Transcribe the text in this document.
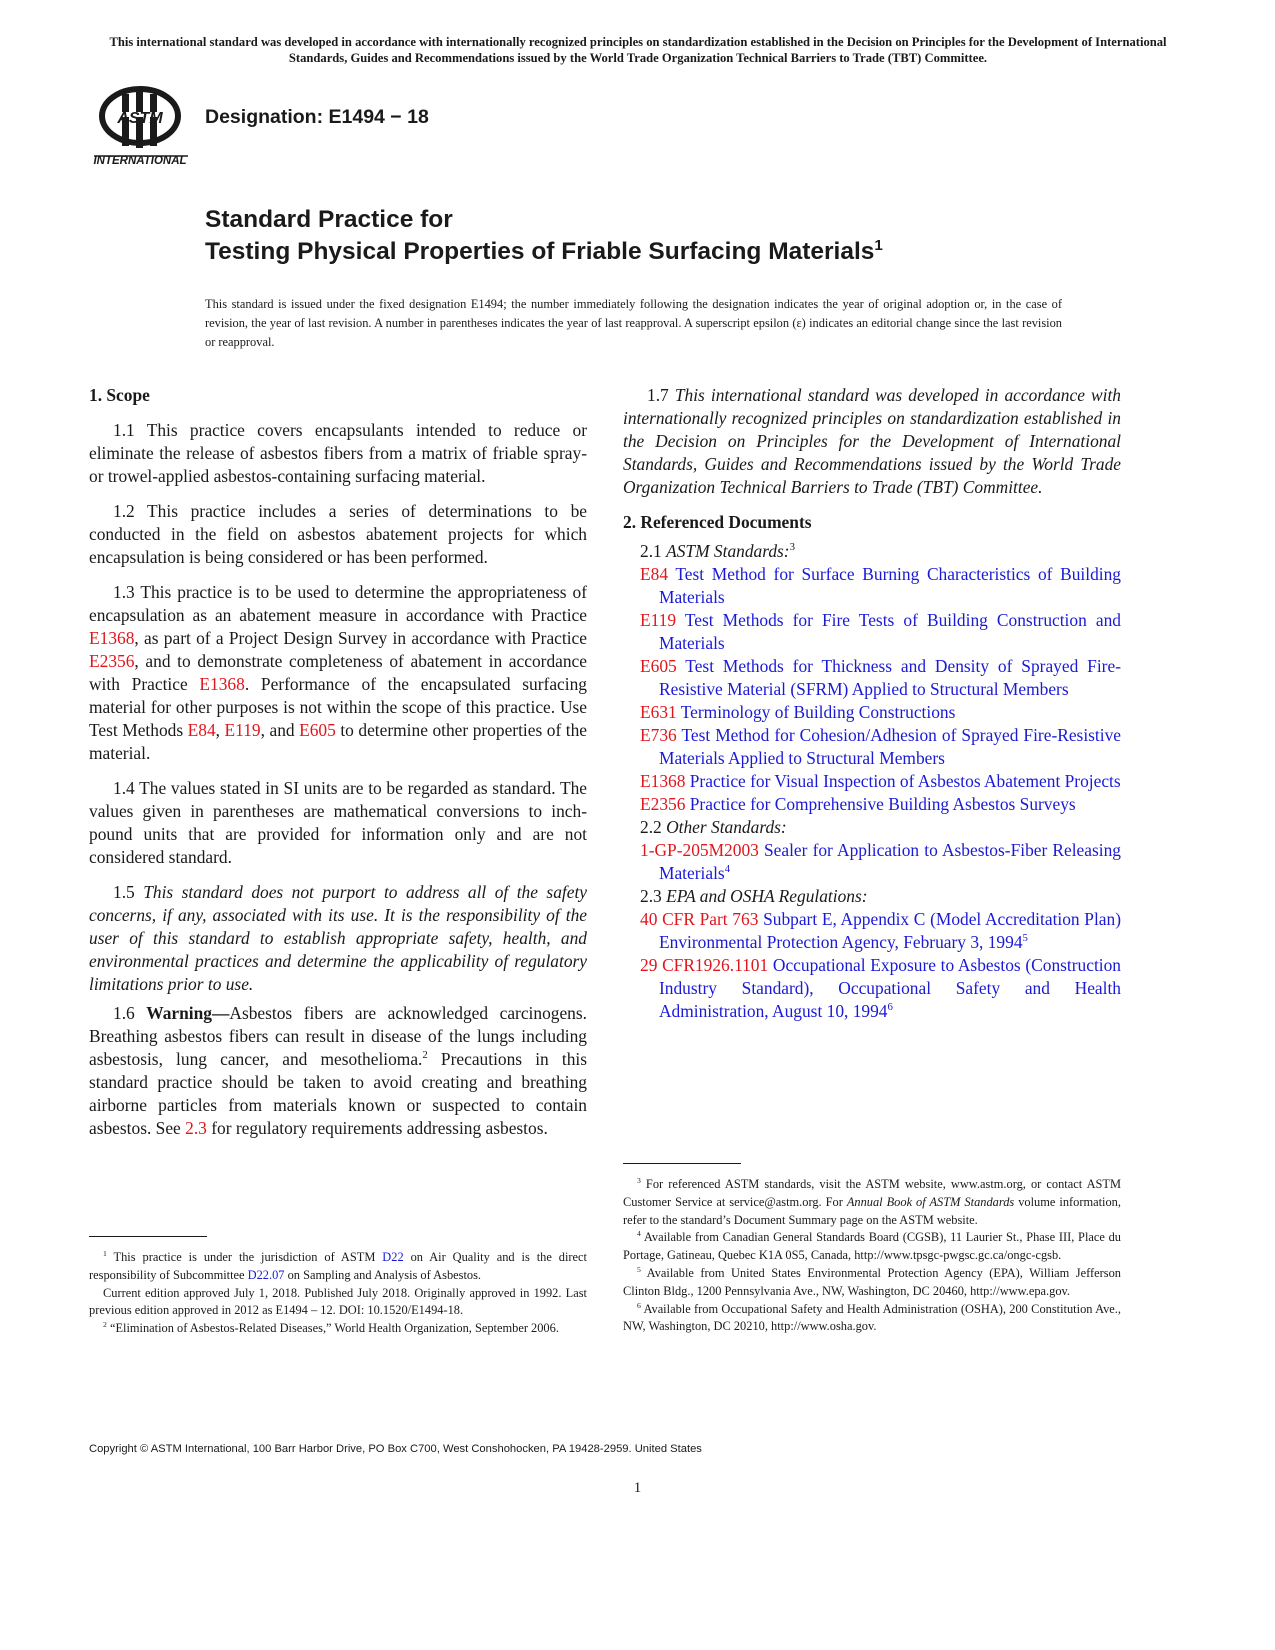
This international standard was developed in accordance with internationally recognized principles on standardization established in the Decision on Principles for the Development of International Standards, Guides and Recommendations issued by the World Trade Organization Technical Barriers to Trade (TBT) Committee.
ASTM
INTERNATIONAL
Designation: E1494 − 18
Standard Practice for
Testing Physical Properties of Friable Surfacing Materials$^1$
This standard is issued under the fixed designation E1494; the number immediately following the designation indicates the year of original adoption or, in the case of revision, the year of last revision. A number in parentheses indicates the year of last reapproval. A superscript epsilon (ε) indicates an editorial change since the last revision or reapproval.

1. Scope

1.1 This practice covers encapsulants intended to reduce or eliminate the release of asbestos fibers from a matrix of friable spray- or trowel-applied asbestos-containing surfacing material.

1.2 This practice includes a series of determinations to be conducted in the field on asbestos abatement projects for which encapsulation is being considered or has been performed.

1.3 This practice is to be used to determine the appropriateness of encapsulation as an abatement measure in accordance with Practice E1368, as part of a Project Design Survey in accordance with Practice E2356, and to demonstrate completeness of abatement in accordance with Practice E1368. Performance of the encapsulated surfacing material for other purposes is not within the scope of this practice. Use Test Methods E84, E119, and E605 to determine other properties of the material.

1.4 The values stated in SI units are to be regarded as standard. The values given in parentheses are mathematical conversions to inch-pound units that are provided for information only and are not considered standard.

1.5 This standard does not purport to address all of the safety concerns, if any, associated with its use. It is the responsibility of the user of this standard to establish appropriate safety, health, and environmental practices and determine the applicability of regulatory limitations prior to use.

1.6 Warning—Asbestos fibers are acknowledged carcinogens. Breathing asbestos fibers can result in disease of the lungs including asbestosis, lung cancer, and mesothelioma.$^2$ Precautions in this standard practice should be taken to avoid creating and breathing airborne particles from materials known or suspected to contain asbestos. See 2.3 for regulatory requirements addressing asbestos.

1.7 This international standard was developed in accordance with internationally recognized principles on standardization established in the Decision on Principles for the Development of International Standards, Guides and Recommendations issued by the World Trade Organization Technical Barriers to Trade (TBT) Committee.

2. Referenced Documents

2.1 ASTM Standards:$^3$

E84 Test Method for Surface Burning Characteristics of Building Materials

E119 Test Methods for Fire Tests of Building Construction and Materials

E605 Test Methods for Thickness and Density of Sprayed Fire-Resistive Material (SFRM) Applied to Structural Members

E631 Terminology of Building Constructions

E736 Test Method for Cohesion/Adhesion of Sprayed Fire-Resistive Materials Applied to Structural Members

E1368 Practice for Visual Inspection of Asbestos Abatement Projects

E2356 Practice for Comprehensive Building Asbestos Surveys

2.2 Other Standards:

1-GP-205M2003 Sealer for Application to Asbestos-Fiber Releasing Materials$^4$

2.3 EPA and OSHA Regulations:

40 CFR Part 763 Subpart E, Appendix C (Model Accreditation Plan) Environmental Protection Agency, February 3, 1994$^5$

29 CFR1926.1101 Occupational Exposure to Asbestos (Construction Industry Standard), Occupational Safety and Health Administration, August 10, 1994$^6$

$^1$ This practice is under the jurisdiction of ASTM D22 on Air Quality and is the direct responsibility of Subcommittee D22.07 on Sampling and Analysis of Asbestos.

Current edition approved July 1, 2018. Published July 2018. Originally approved in 1992. Last previous edition approved in 2012 as E1494 – 12. DOI: 10.1520/E1494-18.

$^2$ “Elimination of Asbestos-Related Diseases,” World Health Organization, September 2006.

$^3$ For referenced ASTM standards, visit the ASTM website, www.astm.org, or contact ASTM Customer Service at service@astm.org. For Annual Book of ASTM Standards volume information, refer to the standard’s Document Summary page on the ASTM website.

$^4$ Available from Canadian General Standards Board (CGSB), 11 Laurier St., Phase III, Place du Portage, Gatineau, Quebec K1A 0S5, Canada, http://www.tpsgc-pwgsc.gc.ca/ongc-cgsb.

$^5$ Available from United States Environmental Protection Agency (EPA), William Jefferson Clinton Bldg., 1200 Pennsylvania Ave., NW, Washington, DC 20460, http://www.epa.gov.

$^6$ Available from Occupational Safety and Health Administration (OSHA), 200 Constitution Ave., NW, Washington, DC 20210, http://www.osha.gov.

Copyright © ASTM International, 100 Barr Harbor Drive, PO Box C700, West Conshohocken, PA 19428-2959. United States
1
